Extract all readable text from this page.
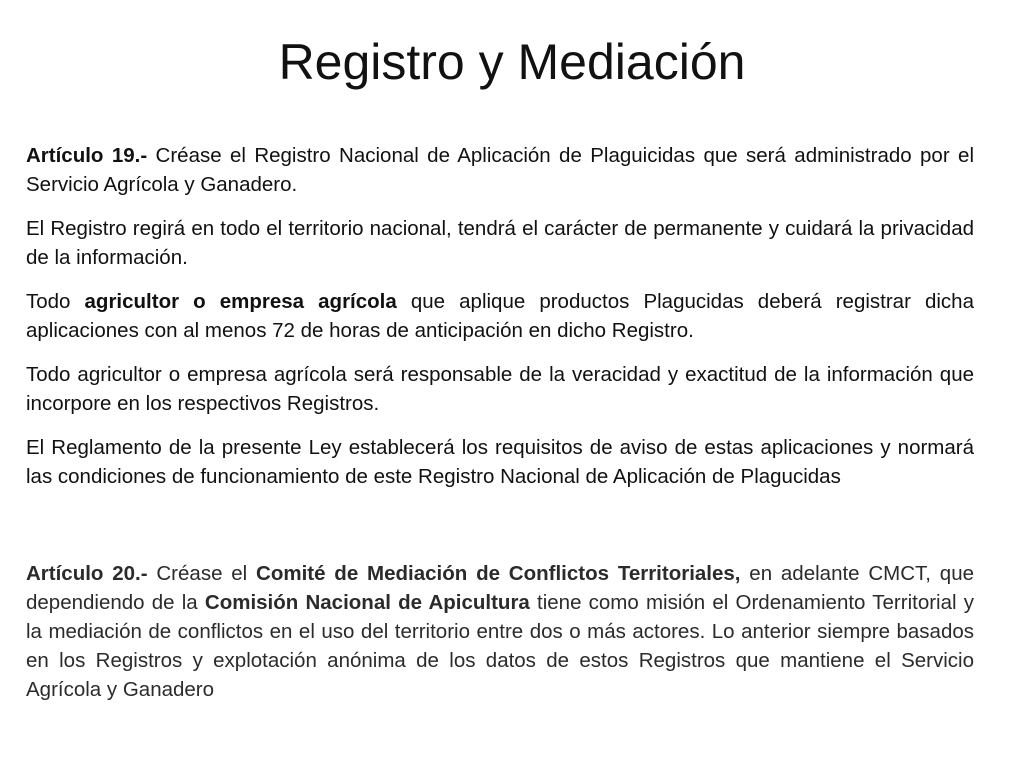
Registro y Mediación

Artículo 19.- Créase el Registro Nacional de Aplicación de Plaguicidas que será administrado por el Servicio Agrícola y Ganadero.

El Registro regirá en todo el territorio nacional, tendrá el carácter de permanente y cuidará la privacidad de la información.

Todo agricultor o empresa agrícola que aplique productos Plagucidas deberá registrar dicha aplicaciones con al menos 72 de horas de anticipación en dicho Registro.

Todo agricultor o empresa agrícola será responsable de la veracidad y exactitud de la información que incorpore en los respectivos Registros.

El Reglamento de la presente Ley establecerá los requisitos de aviso de estas aplicaciones y normará las condiciones de funcionamiento de este Registro Nacional de Aplicación de Plagucidas

Artículo 20.- Créase el Comité de Mediación de Conflictos Territoriales, en adelante CMCT, que dependiendo de la Comisión Nacional de Apicultura tiene como misión el Ordenamiento Territorial y la mediación de conflictos en el uso del territorio entre dos o más actores. Lo anterior siempre basados en los Registros y explotación anónima de los datos de estos Registros que mantiene el Servicio Agrícola y Ganadero
